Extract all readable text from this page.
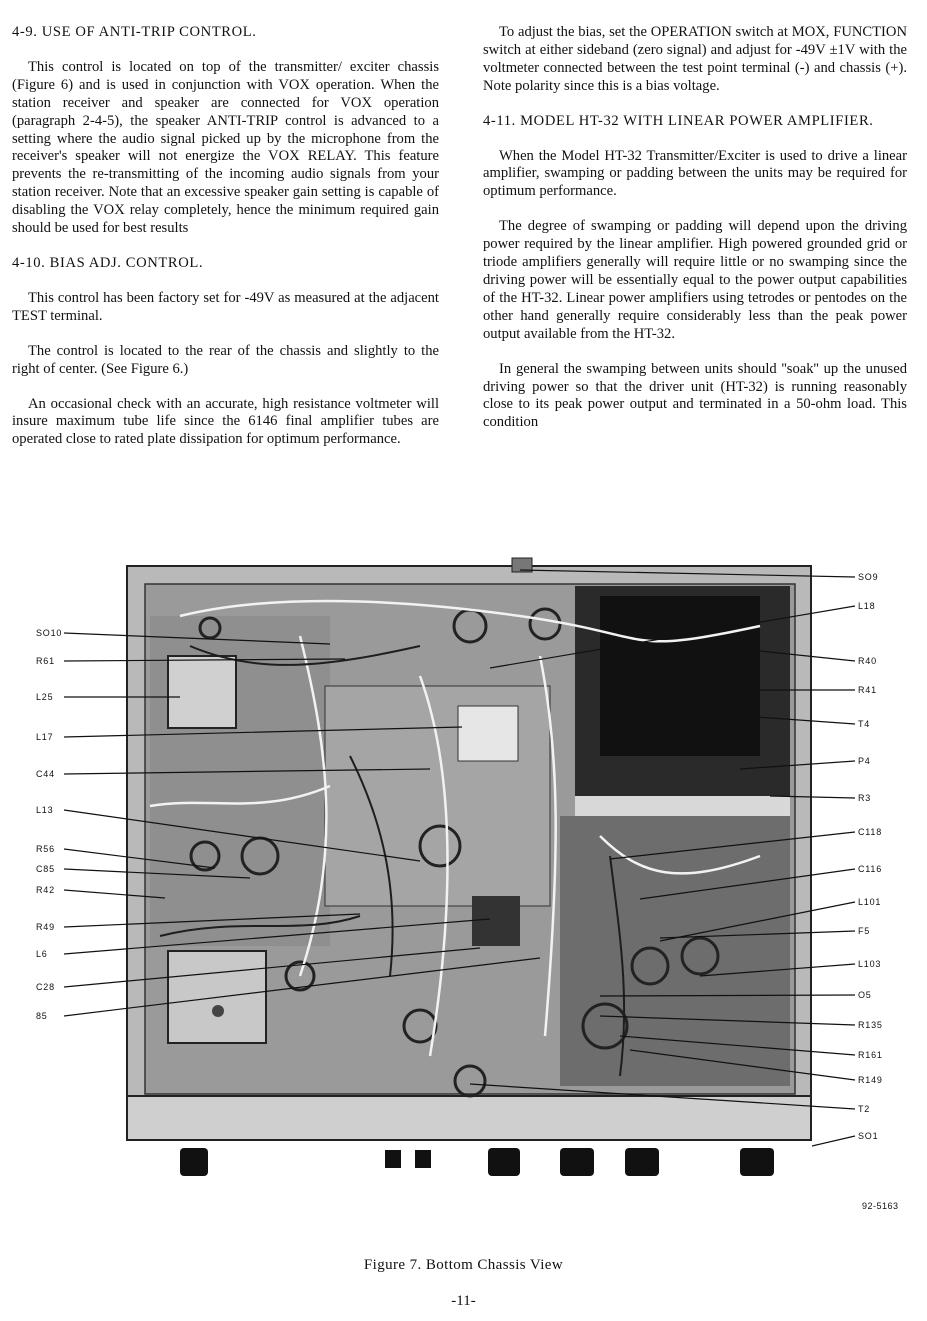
4-9. USE OF ANTI-TRIP CONTROL.

This control is located on top of the transmitter/ exciter chassis (Figure 6) and is used in conjunction with VOX operation. When the station receiver and speaker are connected for VOX operation (paragraph 2-4-5), the speaker ANTI-TRIP control is advanced to a setting where the audio signal picked up by the microphone from the receiver's speaker will not energize the VOX RELAY. This feature prevents the re-transmitting of the incoming audio signals from your station receiver. Note that an excessive speaker gain setting is capable of disabling the VOX relay completely, hence the minimum required gain should be used for best results

4-10. BIAS ADJ. CONTROL.

This control has been factory set for -49V as measured at the adjacent TEST terminal.

The control is located to the rear of the chassis and slightly to the right of center. (See Figure 6.)

An occasional check with an accurate, high resistance voltmeter will insure maximum tube life since the 6146 final amplifier tubes are operated close to rated plate dissipation for optimum performance.

To adjust the bias, set the OPERATION switch at MOX, FUNCTION switch at either sideband (zero signal) and adjust for -49V ±1V with the voltmeter connected between the test point terminal (-) and chassis (+). Note polarity since this is a bias voltage.

4-11. MODEL HT-32 WITH LINEAR POWER AMPLIFIER.

When the Model HT-32 Transmitter/Exciter is used to drive a linear amplifier, swamping or padding between the units may be required for optimum performance.

The degree of swamping or padding will depend upon the driving power required by the linear amplifier. High powered grounded grid or triode amplifiers generally will require little or no swamping since the driving power will be essentially equal to the power output capabilities of the HT-32. Linear power amplifiers using tetrodes or pentodes on the other hand generally require considerably less than the peak power output available from the HT-32.

In general the swamping between units should ''soak'' up the unused driving power so that the driver unit (HT-32) is running reasonably close to its peak power output and terminated in a 50-ohm load. This condition

SO10
R61
L25
L17
C44
L13
R56
C85
R42
R49
L6
C28
85
SO9
L18
R40
R41
T4
P4
R3
C118
C116
L101
F5
L103
O5
R135
R161
R149
T2
SO1
92-5163
Figure 7. Bottom Chassis View
-11-
